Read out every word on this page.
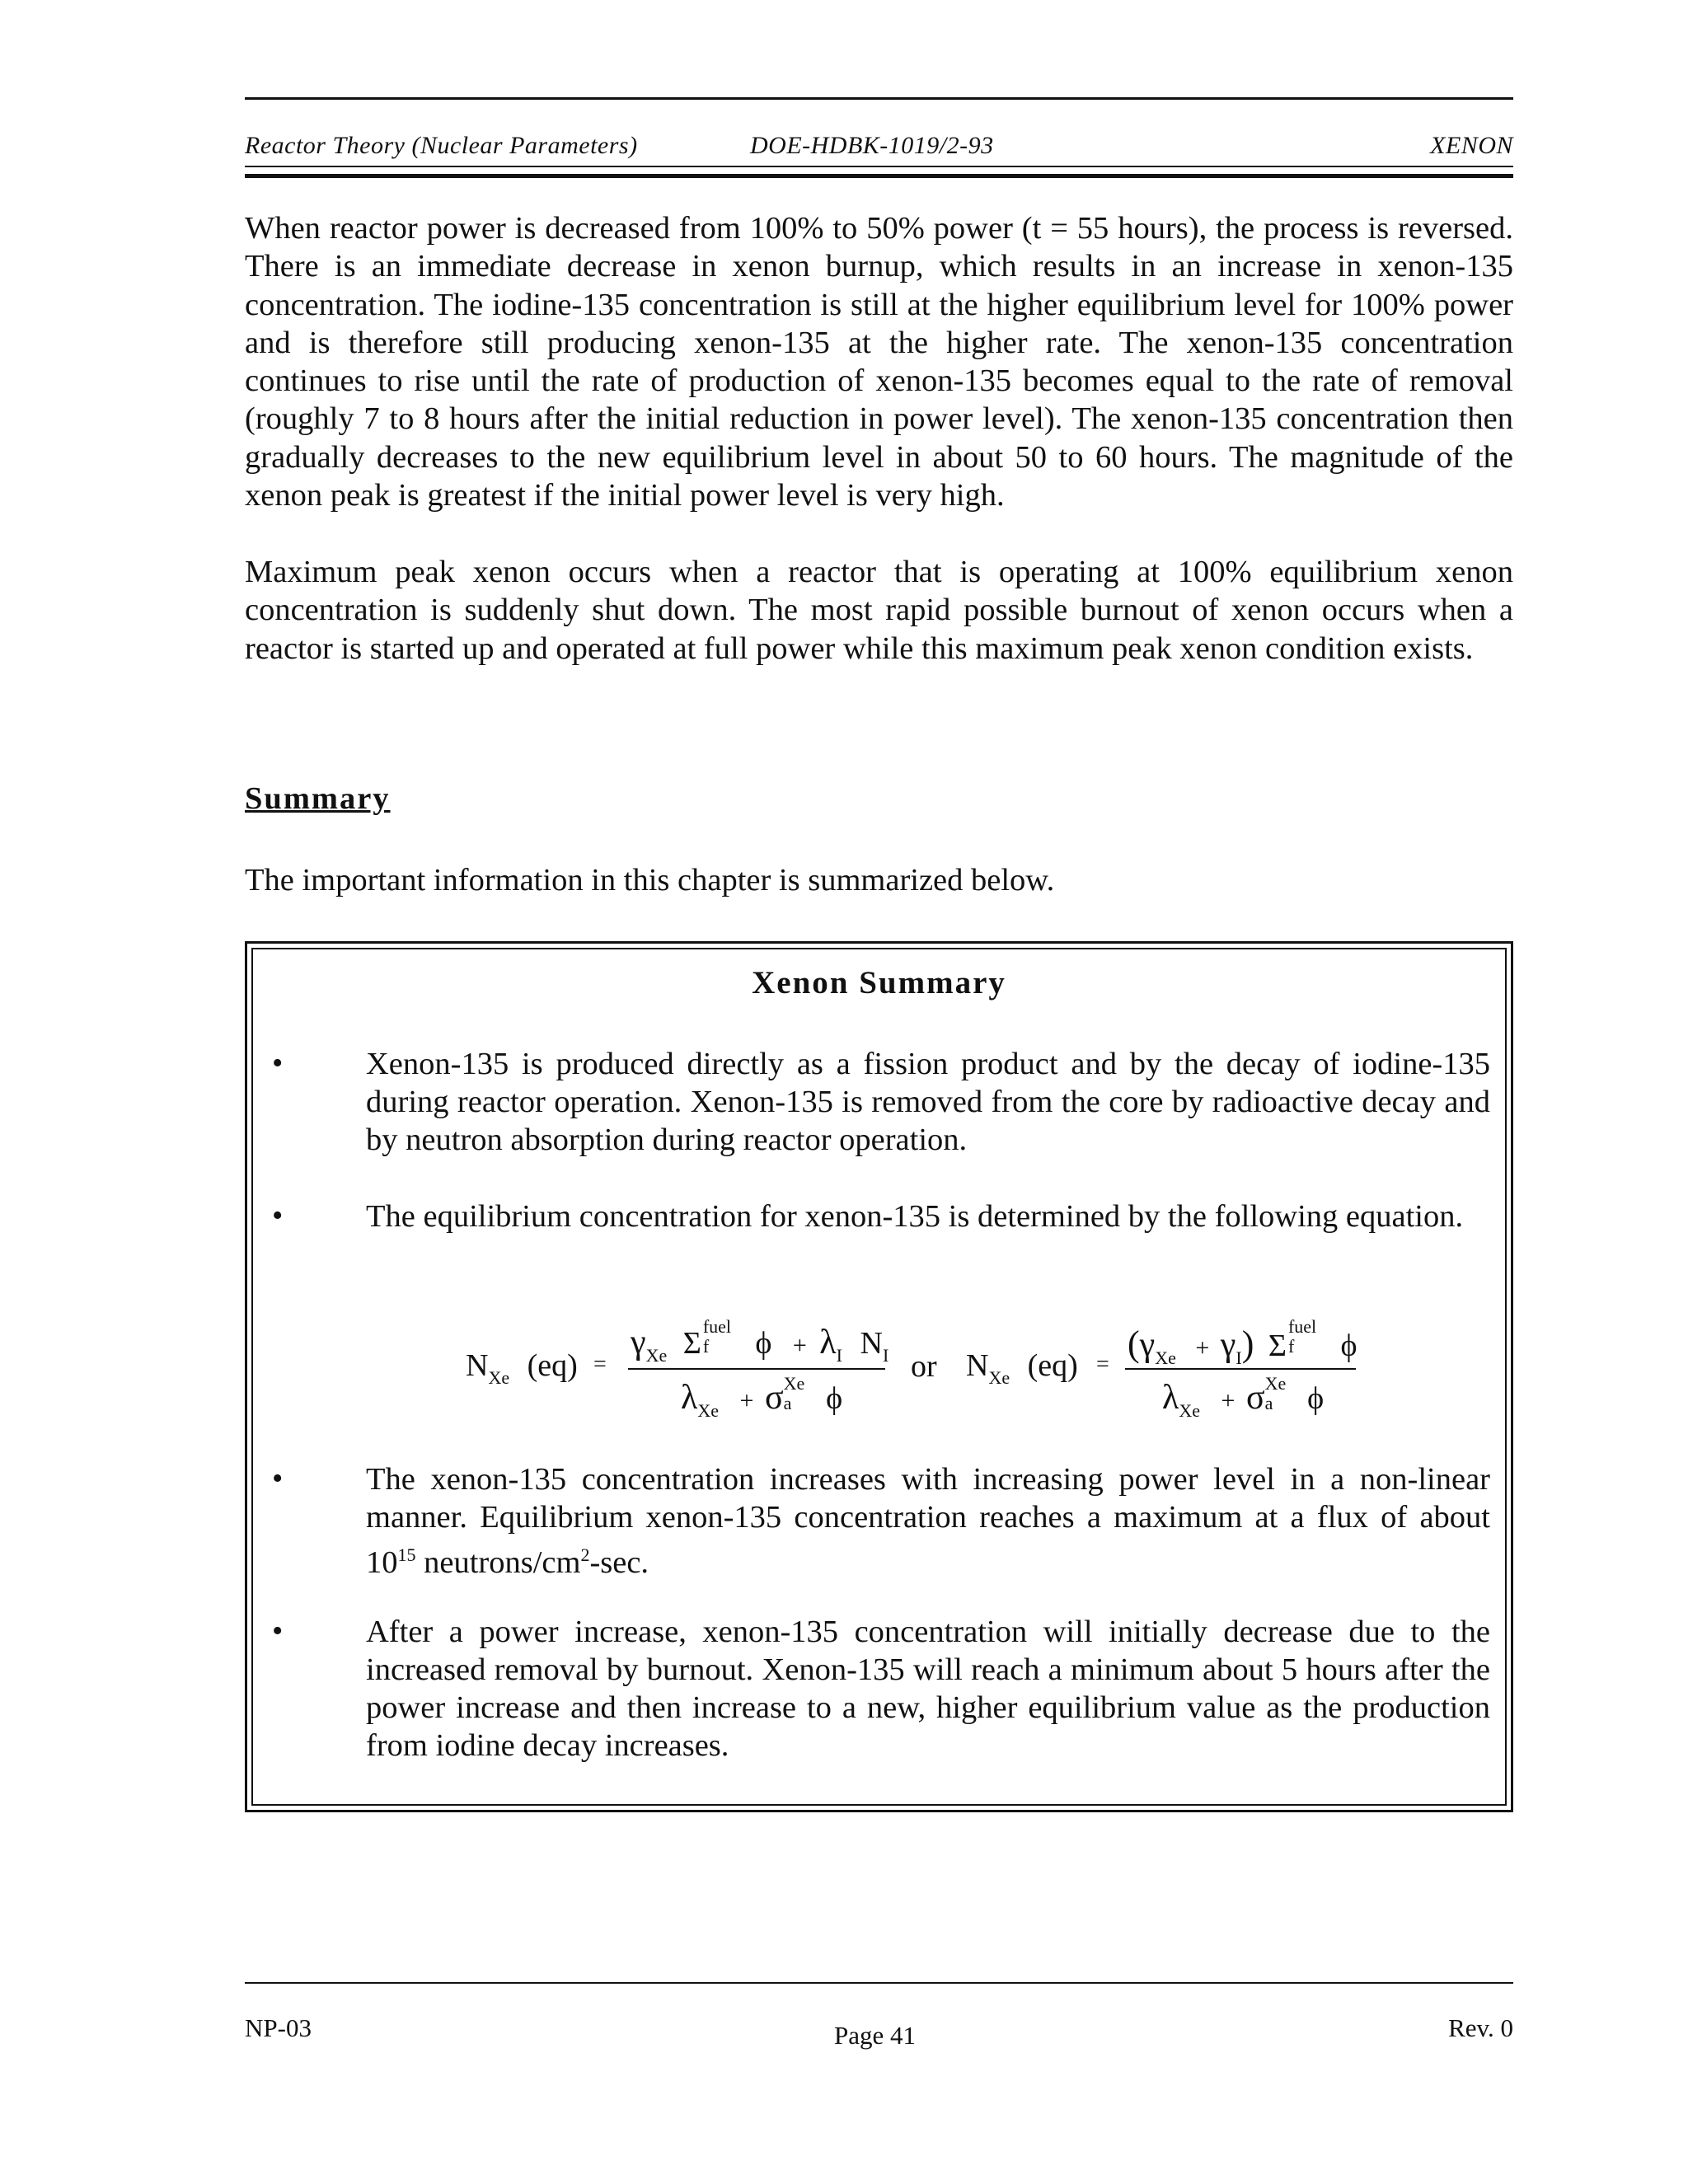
Reactor Theory (Nuclear Parameters)	DOE-HDBK-1019/2-93	XENON
When reactor power is decreased from 100% to 50% power (t = 55 hours), the process is reversed. There is an immediate decrease in xenon burnup, which results in an increase in xenon-135 concentration. The iodine-135 concentration is still at the higher equilibrium level for 100% power and is therefore still producing xenon-135 at the higher rate. The xenon-135 concentration continues to rise until the rate of production of xenon-135 becomes equal to the rate of removal (roughly 7 to 8 hours after the initial reduction in power level). The xenon-135 concentration then gradually decreases to the new equilibrium level in about 50 to 60 hours. The magnitude of the xenon peak is greatest if the initial power level is very high.
Maximum peak xenon occurs when a reactor that is operating at 100% equilibrium xenon concentration is suddenly shut down. The most rapid possible burnout of xenon occurs when a reactor is started up and operated at full power while this maximum peak xenon condition exists.
Summary
The important information in this chapter is summarized below.
Xenon Summary
•	Xenon-135 is produced directly as a fission product and by the decay of iodine-135 during reactor operation. Xenon-135 is removed from the core by radioactive decay and by neutron absorption during reactor operation.
•	The equilibrium concentration for xenon-135 is determined by the following equation.
$N_{Xe}$ (eq) =
$\gamma_{Xe}$ Σ fuel
f $\phi + \lambda_I$ $N_I$
$\lambda_{Xe} + \sigma$ Xe
a ϕ
or $N_{Xe}$ (eq) =
$(\gamma_{Xe} + \gamma_I)$ Σ
fuel
f ϕ
$\lambda_{Xe} + \sigma$ Xe
a ϕ
•	The xenon-135 concentration increases with increasing power level in a non-linear manner. Equilibrium xenon-135 concentration reaches a maximum at a flux of about $10^{15}$ neutrons/$cm^2-\sec$.
•	After a power increase, xenon-135 concentration will initially decrease due to the increased removal by burnout. Xenon-135 will reach a minimum about 5 hours after the power increase and then increase to a new, higher equilibrium value as the production from iodine decay increases.
NP-03	Page 41	Rev. 0
